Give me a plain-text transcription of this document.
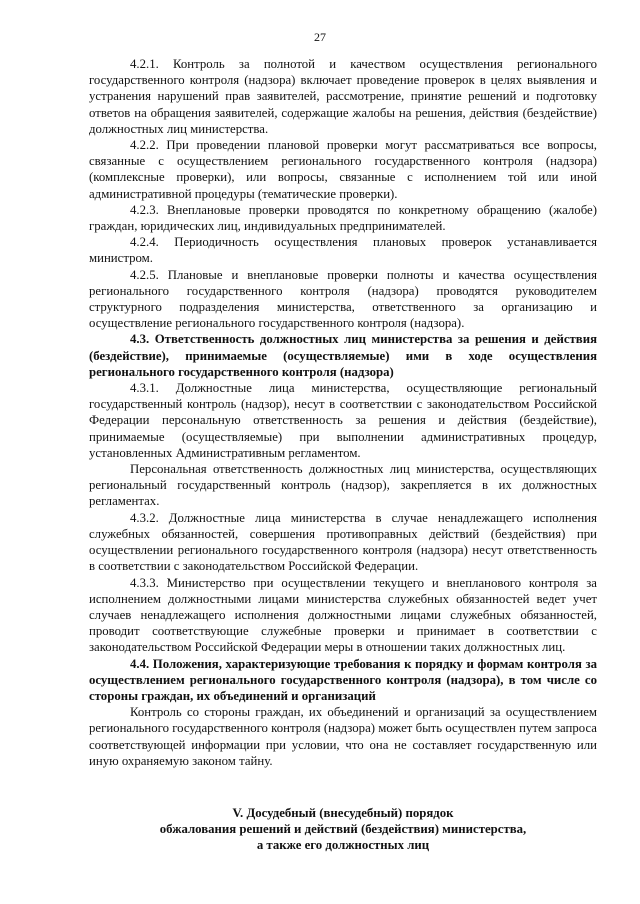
27

4.2.1. Контроль за полнотой и качеством осуществления регионального государственного контроля (надзора) включает проведение проверок в целях выявления и устранения нарушений прав заявителей, рассмотрение, принятие решений и подготовку ответов на обращения заявителей, содержащие жалобы на решения, действия (бездействие) должностных лиц министерства.

4.2.2. При проведении плановой проверки могут рассматриваться все вопросы, связанные с осуществлением регионального государственного контроля (надзора) (комплексные проверки), или вопросы, связанные с исполнением той или иной административной процедуры (тематические проверки).

4.2.3. Внеплановые проверки проводятся по конкретному обращению (жалобе) граждан, юридических лиц, индивидуальных предпринимателей.

4.2.4. Периодичность осуществления плановых проверок устанавливается министром.

4.2.5. Плановые и внеплановые проверки полноты и качества осуществления регионального государственного контроля (надзора) проводятся руководителем структурного подразделения министерства, ответственного за организацию и осуществление регионального государственного контроля (надзора).

4.3. Ответственность должностных лиц министерства за решения и действия (бездействие), принимаемые (осуществляемые) ими в ходе осуществления регионального государственного контроля (надзора)

4.3.1. Должностные лица министерства, осуществляющие региональный государственный контроль (надзор), несут в соответствии с законодательством Российской Федерации персональную ответственность за решения и действия (бездействие), принимаемые (осуществляемые) при выполнении административных процедур, установленных Административным регламентом.

Персональная ответственность должностных лиц министерства, осуществляющих региональный государственный контроль (надзор), закрепляется в их должностных регламентах.

4.3.2. Должностные лица министерства в случае ненадлежащего исполнения служебных обязанностей, совершения противоправных действий (бездействия) при осуществлении регионального государственного контроля (надзора) несут ответственность в соответствии с законодательством Российской Федерации.

4.3.3. Министерство при осуществлении текущего и внепланового контроля за исполнением должностными лицами министерства служебных обязанностей ведет учет случаев ненадлежащего исполнения должностными лицами служебных обязанностей, проводит соответствующие служебные проверки и принимает в соответствии с законодательством Российской Федерации меры в отношении таких должностных лиц.

4.4. Положения, характеризующие требования к порядку и формам контроля за осуществлением регионального государственного контроля (надзора), в том числе со стороны граждан, их объединений и организаций

Контроль со стороны граждан, их объединений и организаций за осуществлением регионального государственного контроля (надзора) может быть осуществлен путем запроса соответствующей информации при условии, что она не составляет государственную или иную охраняемую законом тайну.

V. Досудебный (внесудебный) порядок
обжалования решений и действий (бездействия) министерства,
а также его должностных лиц
